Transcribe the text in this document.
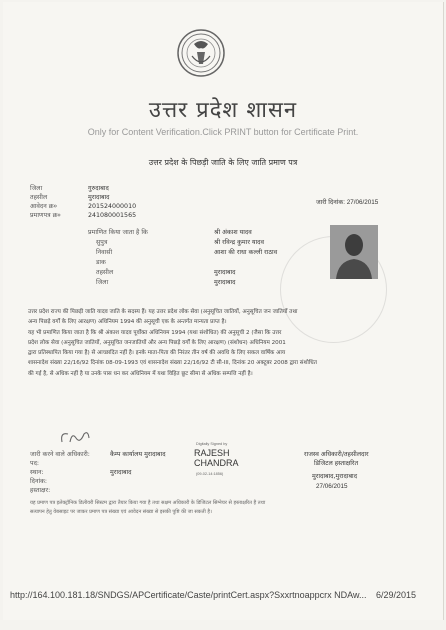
उत्तर प्रदेश शासन
Only for Content Verification.Click PRINT button for Certificate Print.
उत्तर प्रदेश के पिछड़ी जाति के लिए जाति प्रमाण पत्र
जिला	गुरुदाबाद
तहसील	मुरादाबाद
आवेदन क्र०	201524000010
प्रमाणपत्र क्र०	241080001565
जारी दिनांक: 27/06/2015
प्रमाणित किया जाता है कि	श्री अंकाश यादव
सुपुत्र	श्री रविन्द्र कुमार यादव
निवासी	आशा की राधा कल्ली राठाव
डाक
तहसील	मुरादाबाद
जिला	मुरादाबाद
उत्तर प्रदेश राज्य की पिछड़ी जाति यादव जाति के सदस्य हैं। यह उत्तर प्रदेश लोक सेवा (अनुसूचित जातियों, अनुसूचित जन जातियों तथा
अन्य पिछड़े वर्गों के लिए आरक्षण) अधिनियम 1994 की अनुसूची एक के अन्तर्गत मान्यता प्राप्त है।
यह भी प्रमाणित किया जाता है कि श्री अंकाश यादव पूर्वोक्त अधिनियम 1994 (यथा संशोधित) की अनुसूची 2 (जैसा कि उत्तर
प्रदेश लोक सेवा (अनुसूचित जातियों, अनुसूचित जनजातियों और अन्य पिछड़े वर्गों के लिए आरक्षण) (संशोधन) अधिनियम 2001
द्वारा प्रतिस्थापित किया गया है) से आच्छादित नहीं है। इनके माता-पिता की निरंतर तीन वर्ष की अवधि के लिए सकल वार्षिक आय
शासनादेश संख्या 22/16/92 दिनांक 08-09-1993 एवं शासनादेश संख्या 22/16/92 टी सी-III, दिनांक 20 अक्टूबर 2008 द्वारा संशोधित
की गई है, से अधिक नहीं है या उनके पास धन कर अधिनियम में यथा विहित छूट सीमा से अधिक सम्पत्ति नहीं है।
जारी करने वाले अधिकारी:	कैम्प कार्यालय मुरादाबाद
पद:
स्थान:	मुरादाबाद
दिनांक:
हस्ताक्षर:
Digitally Signed by
RAJESH CHANDRA
(09-02-14:1856)
राजस्व अधिकारी/तहसीलदार
डिजिटल हस्ताक्षरित
मुरादाबाद,मुरादाबाद
27/06/2015
यह प्रमाण पत्र इलेक्ट्रॉनिक डिलीवरी सिस्टम द्वारा तैयार किया गया है तथा सक्षम अधिकारी के डिजिटल सिग्नेचर से हस्ताक्षरित है तथा
सत्यापन हेतु वेबसाइट पर जाकर प्रमाण पत्र संख्या एवं आवेदन संख्या से इसकी पुष्टि की जा सकती है।
http://164.100.181.18/SNDGS/APCertificate/Caste/printCert.aspx?Sxxrtnoappcrx NDAw... 6/29/2015
